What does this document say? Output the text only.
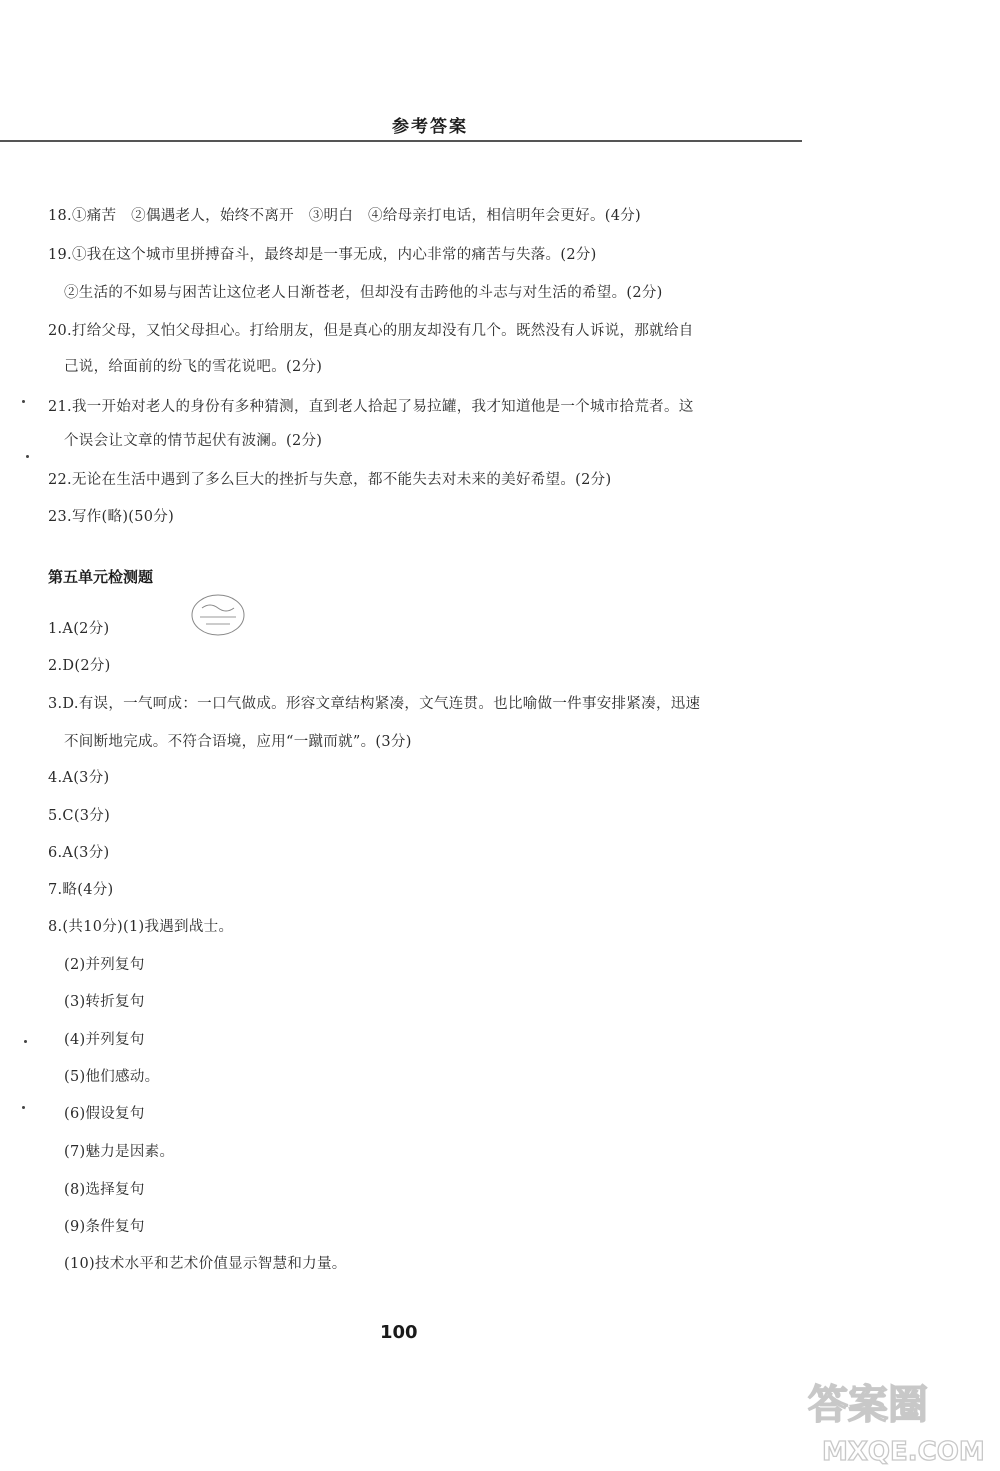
参考答案
18.①痛苦　②偶遇老人，始终不离开　③明白　④给母亲打电话，相信明年会更好。(4分)
19.①我在这个城市里拼搏奋斗，最终却是一事无成，内心非常的痛苦与失落。(2分)
②生活的不如易与困苦让这位老人日渐苍老，但却没有击跨他的斗志与对生活的希望。(2分)
20.打给父母，又怕父母担心。打给朋友，但是真心的朋友却没有几个。既然没有人诉说，那就给自
己说，给面前的纷飞的雪花说吧。(2分)
21.我一开始对老人的身份有多种猜测，直到老人拾起了易拉罐，我才知道他是一个城市拾荒者。这
个误会让文章的情节起伏有波澜。(2分)
22.无论在生活中遇到了多么巨大的挫折与失意，都不能失去对未来的美好希望。(2分)
23.写作(略)(50分)
第五单元检测题
1.A(2分)
2.D(2分)
3.D.有误，一气呵成：一口气做成。形容文章结构紧凑，文气连贯。也比喻做一件事安排紧凑，迅速
不间断地完成。不符合语境，应用“一蹴而就”。(3分)
4.A(3分)
5.C(3分)
6.A(3分)
7.略(4分)
8.(共10分)(1)我遇到战士。
(2)并列复句
(3)转折复句
(4)并列复句
(5)他们感动。
(6)假设复句
(7)魅力是因素。
(8)选择复句
(9)条件复句
(10)技术水平和艺术价值显示智慧和力量。
100
答案圈
MXQE.COM
